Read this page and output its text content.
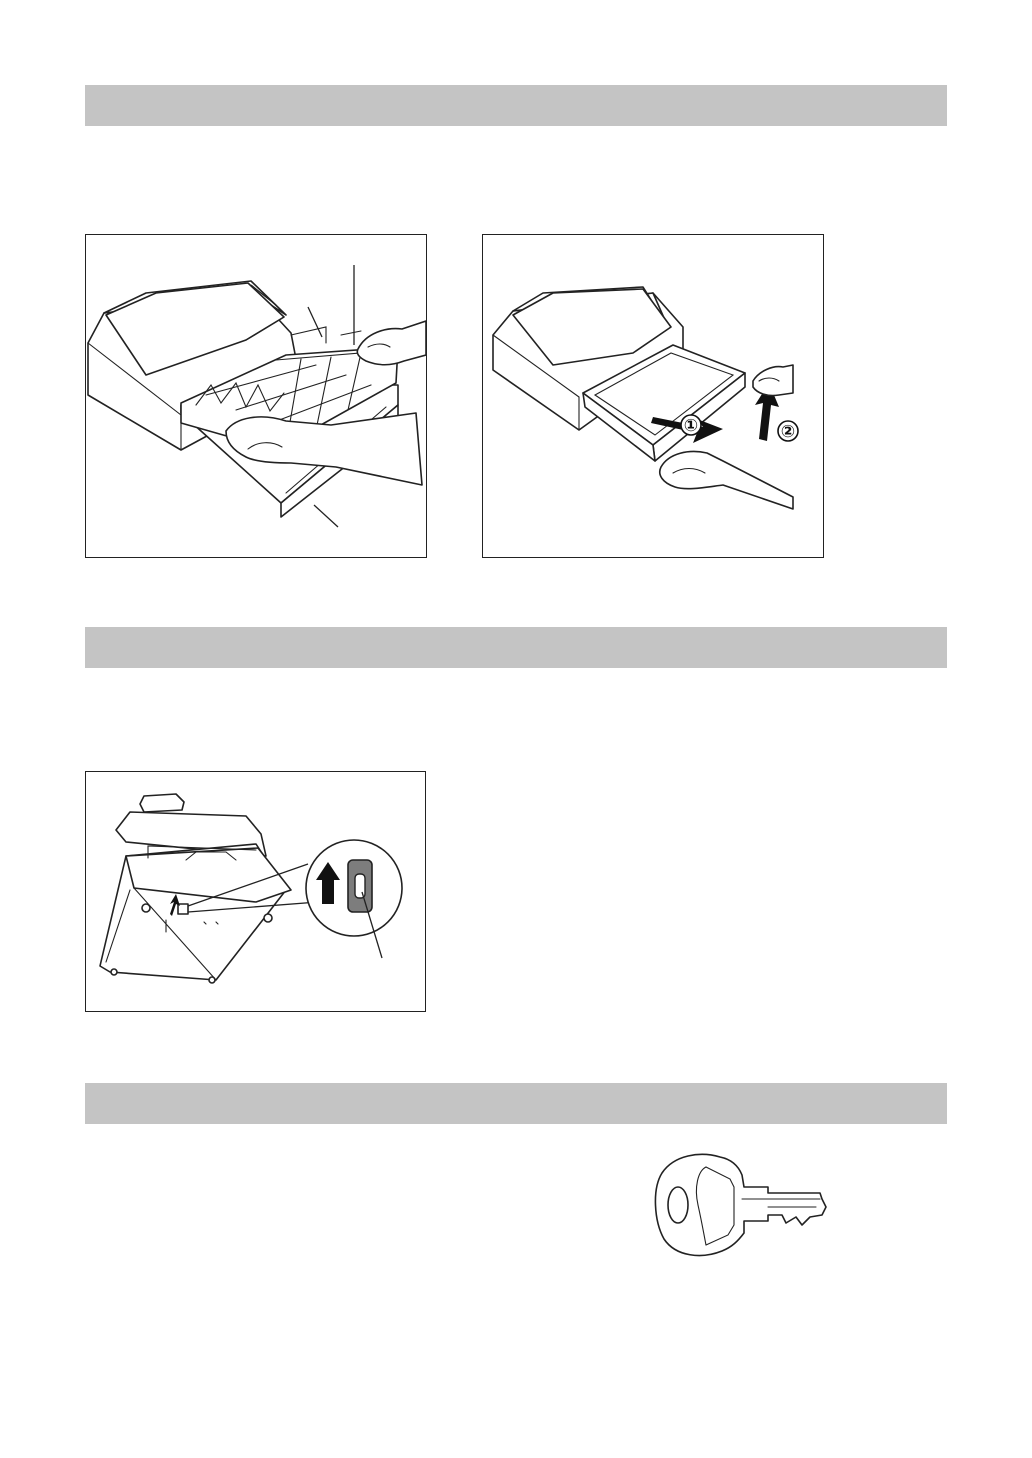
①	②
